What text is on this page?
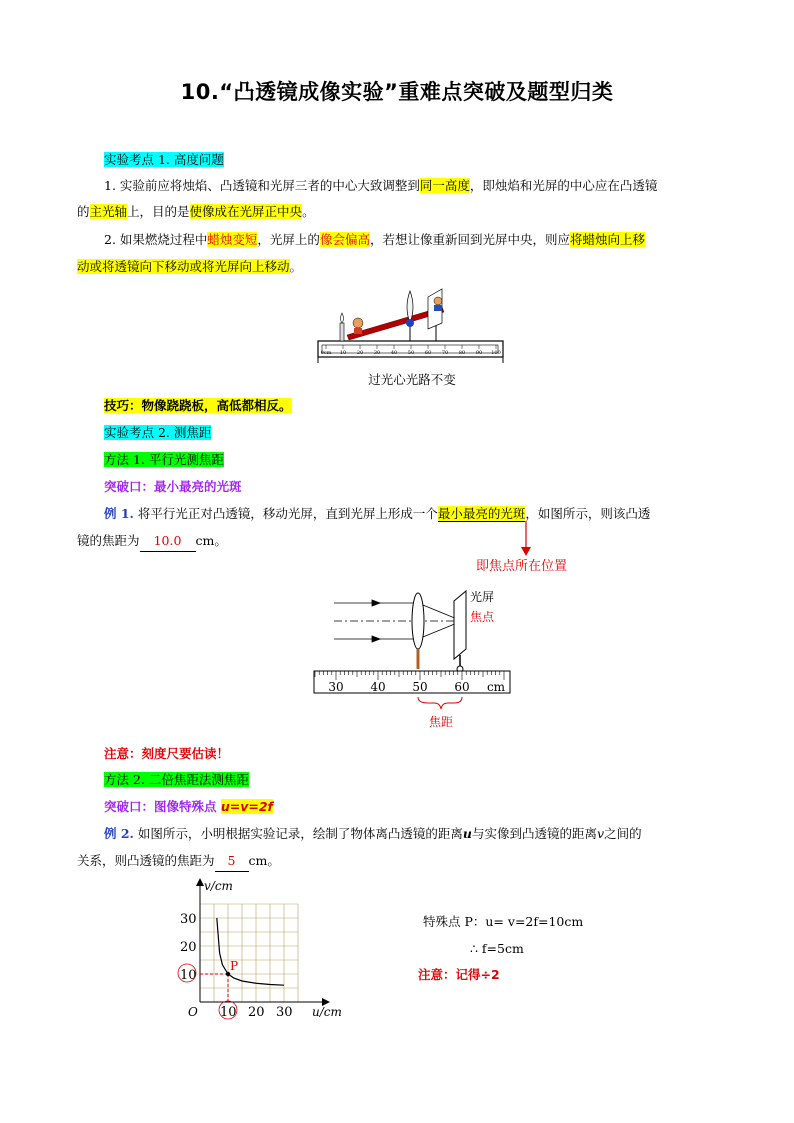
10.“凸透镜成像实验”重难点突破及题型归类
实验考点 1. 高度问题
1. 实验前应将烛焰、凸透镜和光屏三者的中心大致调整到同一高度，即烛焰和光屏的中心应在凸透镜
的主光轴上，目的是使像成在光屏正中央。
2. 如果燃烧过程中蜡烛变短，光屏上的像会偏高，若想让像重新回到光屏中央，则应将蜡烛向上移
动或将透镜向下移动或将光屏向上移动。
0cm 10 20 30 40 50 60 70 80 90 100
过光心光路不变
技巧：物像跷跷板，高低都相反。
实验考点 2. 测焦距
方法 1. 平行光测焦距
突破口：最小最亮的光斑
例 1. 将平行光正对凸透镜，移动光屏，直到光屏上形成一个最小最亮的光斑，如图所示，则该凸透
镜的焦距为 10.0 cm。
即焦点所在位置
光屏
焦点
30 40 50 60 cm
焦距
注意：刻度尺要估读！
方法 2. 二倍焦距法测焦距
突破口：图像特殊点 u=v=2f
例 2. 如图所示，小明根据实验记录，绘制了物体离凸透镜的距离u与实像到凸透镜的距离v之间的
关系，则凸透镜的焦距为 5 cm。
v/cm
u/cm
O
30
20
10
10 20 30
P
特殊点 P：u= v=2f=10cm
∴ f=5cm
注意：记得÷2
